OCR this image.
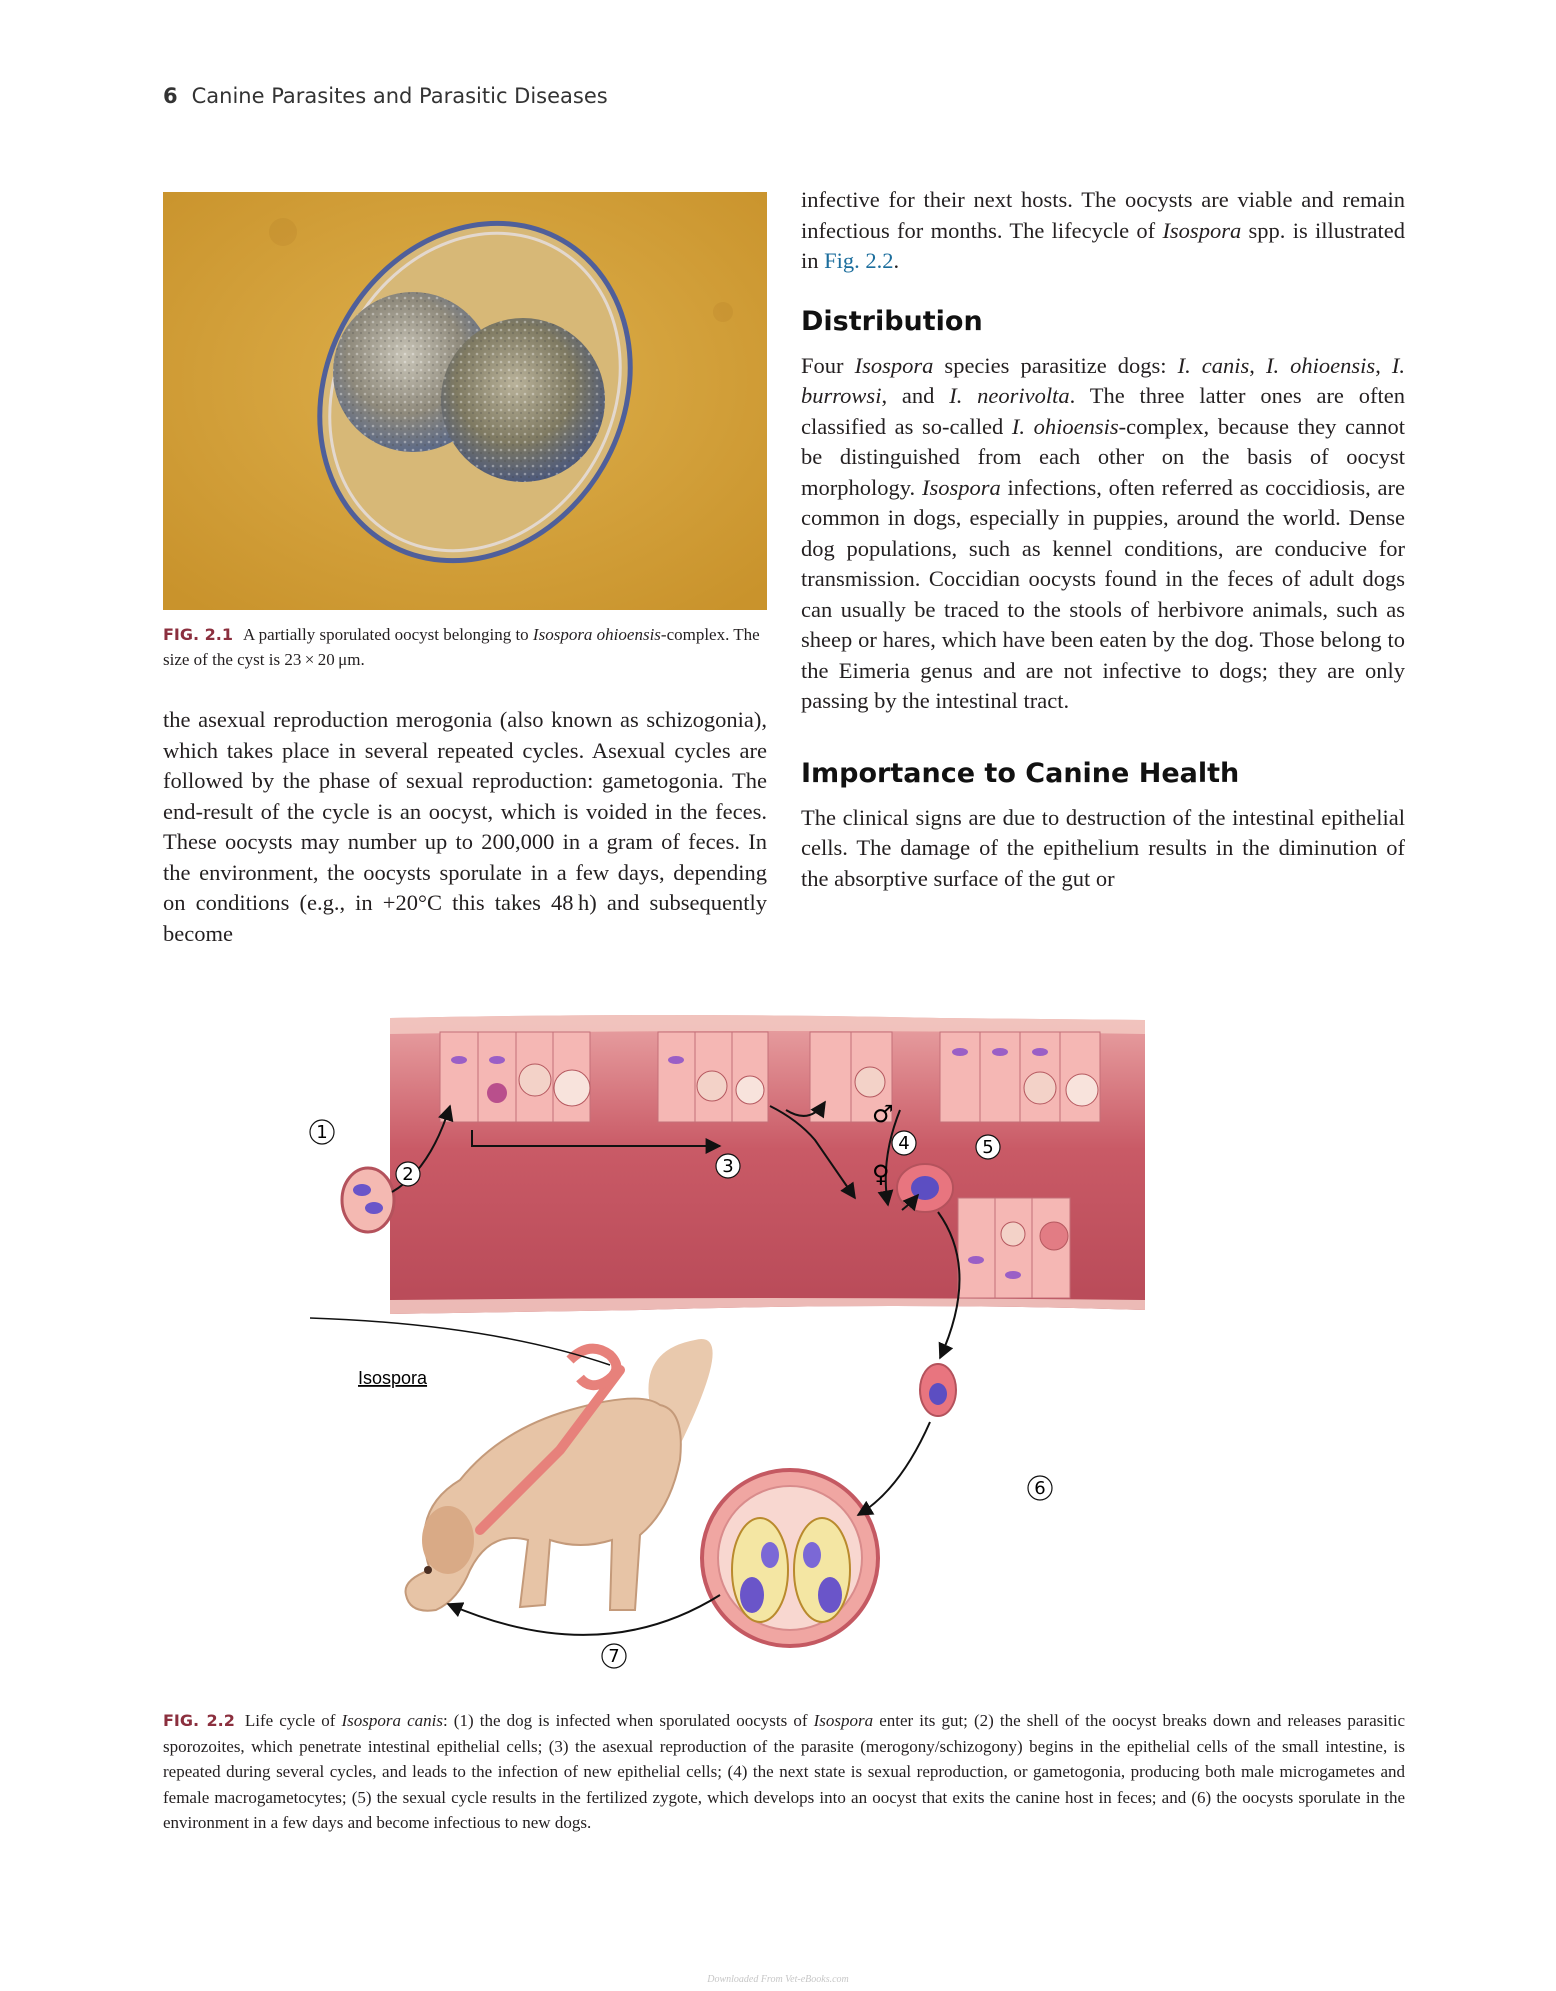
6 Canine Parasites and Parasitic Diseases
FIG. 2.1 A partially sporulated oocyst belonging to Isospora ohioensis-complex. The size of the cyst is 23 × 20 μm.

the asexual reproduction merogonia (also known as schizogonia), which takes place in several repeated cycles. Asexual cycles are followed by the phase of sexual reproduction: gametogonia. The end-result of the cycle is an oocyst, which is voided in the feces. These oocysts may number up to 200,000 in a gram of feces. In the environment, the oocysts sporulate in a few days, depending on conditions (e.g., in +20°C this takes 48 h) and subsequently become

infective for their next hosts. The oocysts are viable and remain infectious for months. The lifecycle of Isospora spp. is illustrated in Fig. 2.2.

Distribution

Four Isospora species parasitize dogs: I. canis, I. ohioensis, I. burrowsi, and I. neorivolta. The three latter ones are often classified as so-called I. ohioensis-complex, because they cannot be distinguished from each other on the basis of oocyst morphology. Isospora infections, often referred as coccidiosis, are common in dogs, especially in puppies, around the world. Dense dog populations, such as kennel conditions, are conducive for transmission. Coccidian oocysts found in the feces of adult dogs can usually be traced to the stools of herbivore animals, such as sheep or hares, which have been eaten by the dog. Those belong to the Eimeria genus and are not infective to dogs; they are only passing by the intestinal tract.

Importance to Canine Health

The clinical signs are due to destruction of the intestinal epithelial cells. The damage of the epithelium results in the diminution of the absorptive surface of the gut or

1
2	3
4	5
6
7
♂
♀
Isospora
FIG. 2.2 Life cycle of Isospora canis: (1) the dog is infected when sporulated oocysts of Isospora enter its gut; (2) the shell of the oocyst breaks down and releases parasitic sporozoites, which penetrate intestinal epithelial cells; (3) the asexual reproduction of the parasite (merogony/schizogony) begins in the epithelial cells of the small intestine, is repeated during several cycles, and leads to the infection of new epithelial cells; (4) the next state is sexual reproduction, or gametogonia, producing both male microgametes and female macrogametocytes; (5) the sexual cycle results in the fertilized zygote, which develops into an oocyst that exits the canine host in feces; and (6) the oocysts sporulate in the environment in a few days and become infectious to new dogs.
Downloaded From Vet-eBooks.com
